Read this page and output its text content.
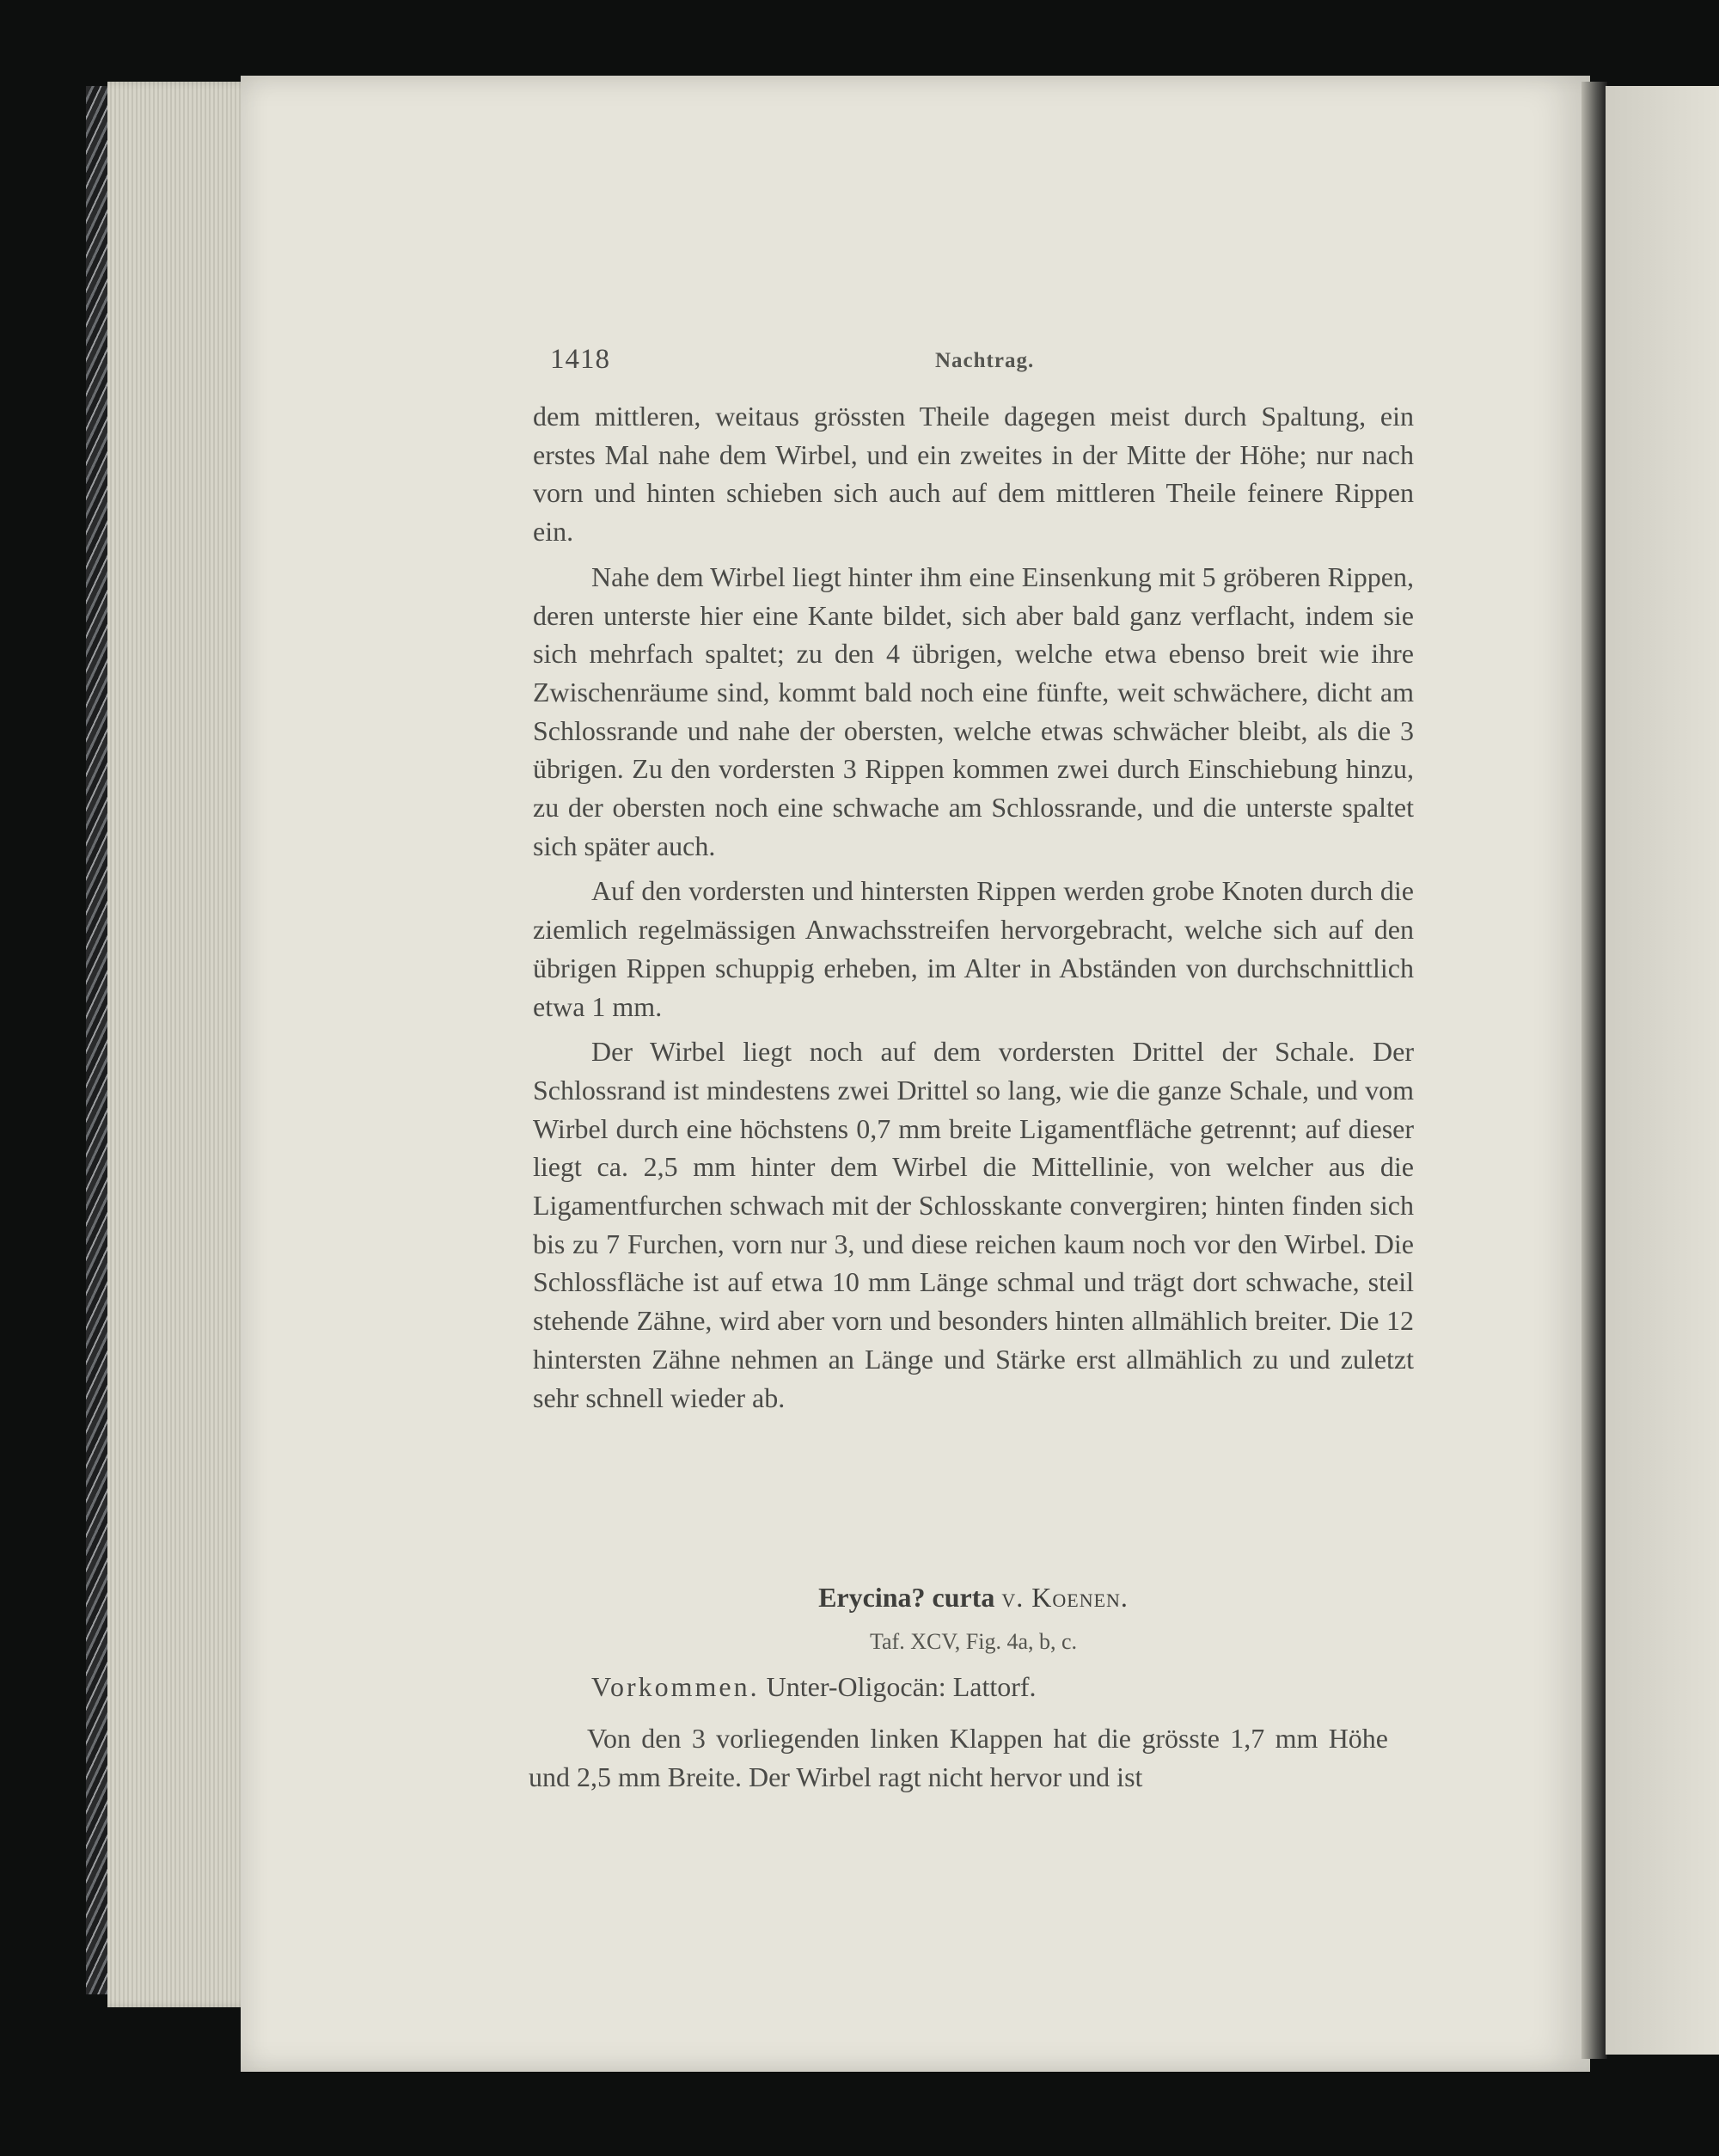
1418	Nachtrag.

dem mittleren, weitaus grössten Theile dagegen meist durch Spaltung, ein erstes Mal nahe dem Wirbel, und ein zweites in der Mitte der Höhe; nur nach vorn und hinten schieben sich auch auf dem mittleren Theile feinere Rippen ein.

Nahe dem Wirbel liegt hinter ihm eine Einsenkung mit 5 gröberen Rippen, deren unterste hier eine Kante bildet, sich aber bald ganz verflacht, indem sie sich mehrfach spaltet; zu den 4 übrigen, welche etwa ebenso breit wie ihre Zwischenräume sind, kommt bald noch eine fünfte, weit schwächere, dicht am Schlossrande und nahe der obersten, welche etwas schwächer bleibt, als die 3 übrigen. Zu den vordersten 3 Rippen kommen zwei durch Einschiebung hinzu, zu der obersten noch eine schwache am Schlossrande, und die unterste spaltet sich später auch.

Auf den vordersten und hintersten Rippen werden grobe Knoten durch die ziemlich regelmässigen Anwachsstreifen hervorgebracht, welche sich auf den übrigen Rippen schuppig erheben, im Alter in Abständen von durchschnittlich etwa 1 mm.

Der Wirbel liegt noch auf dem vordersten Drittel der Schale. Der Schlossrand ist mindestens zwei Drittel so lang, wie die ganze Schale, und vom Wirbel durch eine höchstens 0,7 mm breite Ligamentfläche getrennt; auf dieser liegt ca. 2,5 mm hinter dem Wirbel die Mittellinie, von welcher aus die Ligamentfurchen schwach mit der Schlosskante convergiren; hinten finden sich bis zu 7 Furchen, vorn nur 3, und diese reichen kaum noch vor den Wirbel. Die Schlossfläche ist auf etwa 10 mm Länge schmal und trägt dort schwache, steil stehende Zähne, wird aber vorn und besonders hinten allmählich breiter. Die 12 hintersten Zähne nehmen an Länge und Stärke erst allmählich zu und zuletzt sehr schnell wieder ab.

Erycina? curta v. Koenen.
Taf. XCV, Fig. 4a, b, c.
Vorkommen. Unter-Oligocän: Lattorf.

Von den 3 vorliegenden linken Klappen hat die grösste 1,7 mm Höhe und 2,5 mm Breite. Der Wirbel ragt nicht hervor und ist
